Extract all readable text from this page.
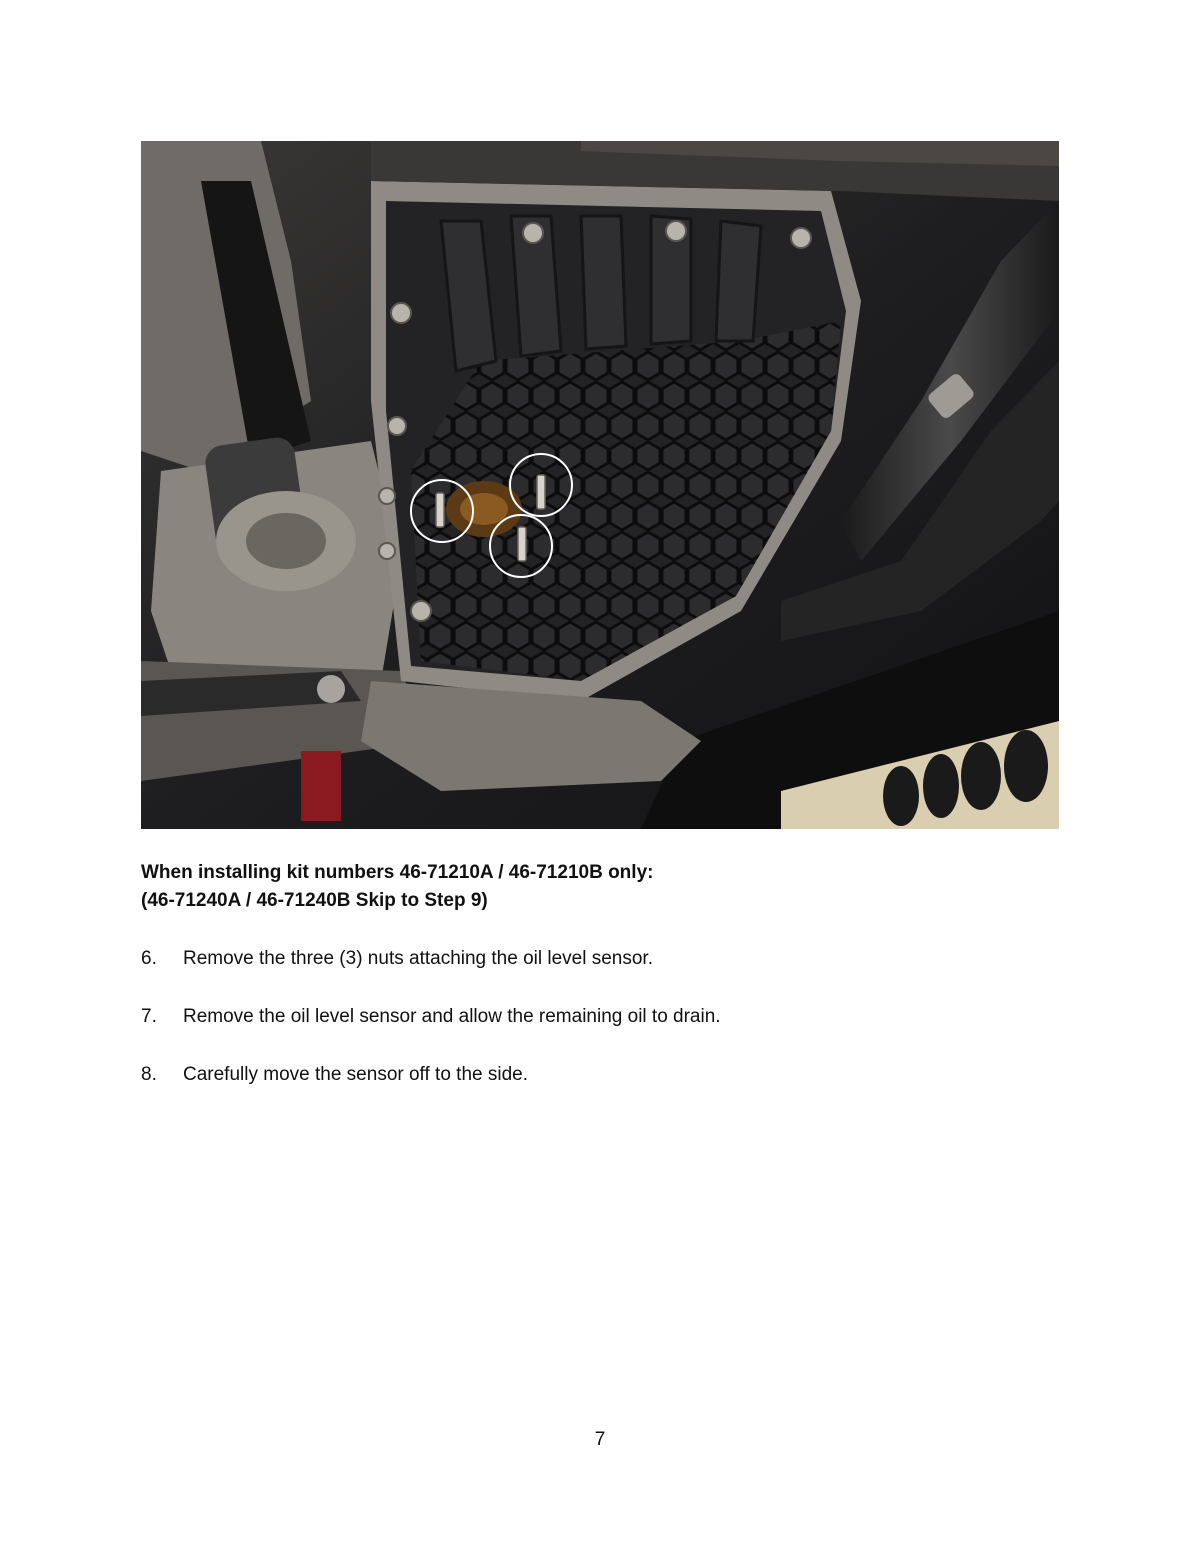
When installing kit numbers 46-71210A / 46-71210B only:
(46-71240A / 46-71240B Skip to Step 9)
6. Remove the three (3) nuts attaching the oil level sensor.
7. Remove the oil level sensor and allow the remaining oil to drain.
8. Carefully move the sensor off to the side.
7
